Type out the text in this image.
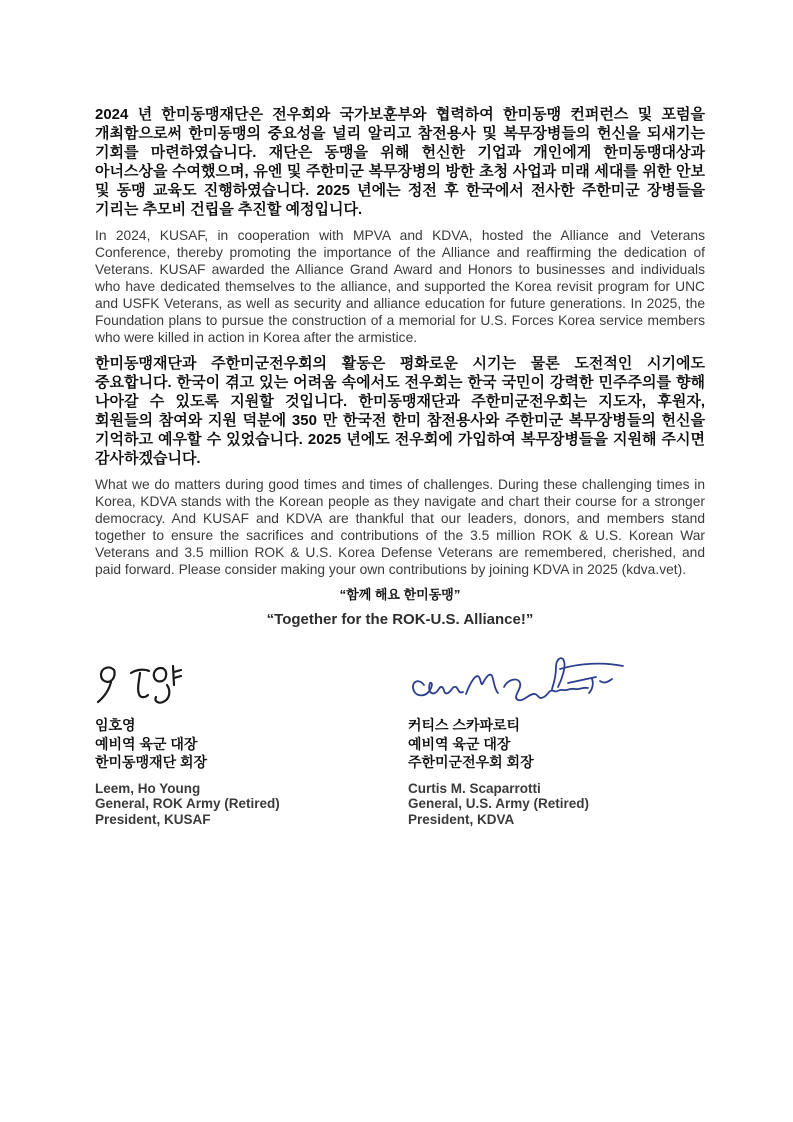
2024 년 한미동맹재단은 전우회와 국가보훈부와 협력하여 한미동맹 컨퍼런스 및 포럼을 개최함으로써 한미동맹의 중요성을 널리 알리고 참전용사 및 복무장병들의 헌신을 되새기는 기회를 마련하였습니다. 재단은 동맹을 위해 헌신한 기업과 개인에게 한미동맹대상과 아너스상을 수여했으며, 유엔 및 주한미군 복무장병의 방한 초청 사업과 미래 세대를 위한 안보 및 동맹 교육도 진행하였습니다. 2025 년에는 정전 후 한국에서 전사한 주한미군 장병들을 기리는 추모비 건립을 추진할 예정입니다.

In 2024, KUSAF, in cooperation with MPVA and KDVA, hosted the Alliance and Veterans Conference, thereby promoting the importance of the Alliance and reaffirming the dedication of Veterans. KUSAF awarded the Alliance Grand Award and Honors to businesses and individuals who have dedicated themselves to the alliance, and supported the Korea revisit program for UNC and USFK Veterans, as well as security and alliance education for future generations. In 2025, the Foundation plans to pursue the construction of a memorial for U.S. Forces Korea service members who were killed in action in Korea after the armistice.

한미동맹재단과 주한미군전우회의 활동은 평화로운 시기는 물론 도전적인 시기에도 중요합니다. 한국이 겪고 있는 어려움 속에서도 전우회는 한국 국민이 강력한 민주주의를 향해 나아갈 수 있도록 지원할 것입니다. 한미동맹재단과 주한미군전우회는 지도자, 후원자, 회원들의 참여와 지원 덕분에 350 만 한국전 한미 참전용사와 주한미군 복무장병들의 헌신을 기억하고 예우할 수 있었습니다. 2025 년에도 전우회에 가입하여 복무장병들을 지원해 주시면 감사하겠습니다.

What we do matters during good times and times of challenges. During these challenging times in Korea, KDVA stands with the Korean people as they navigate and chart their course for a stronger democracy. And KUSAF and KDVA are thankful that our leaders, donors, and members stand together to ensure the sacrifices and contributions of the 3.5 million ROK & U.S. Korean War Veterans and 3.5 million ROK & U.S. Korea Defense Veterans are remembered, cherished, and paid forward. Please consider making your own contributions by joining KDVA in 2025 (kdva.vet).

“함께 해요 한미동맹”
“Together for the ROK-U.S. Alliance!”
임호영
예비역 육군 대장
한미동맹재단 회장
Leem, Ho Young
General, ROK Army (Retired)
President, KUSAF
커티스 스카파로티
예비역 육군 대장
주한미군전우회 회장
Curtis M. Scaparrotti
General, U.S. Army (Retired)
President, KDVA
